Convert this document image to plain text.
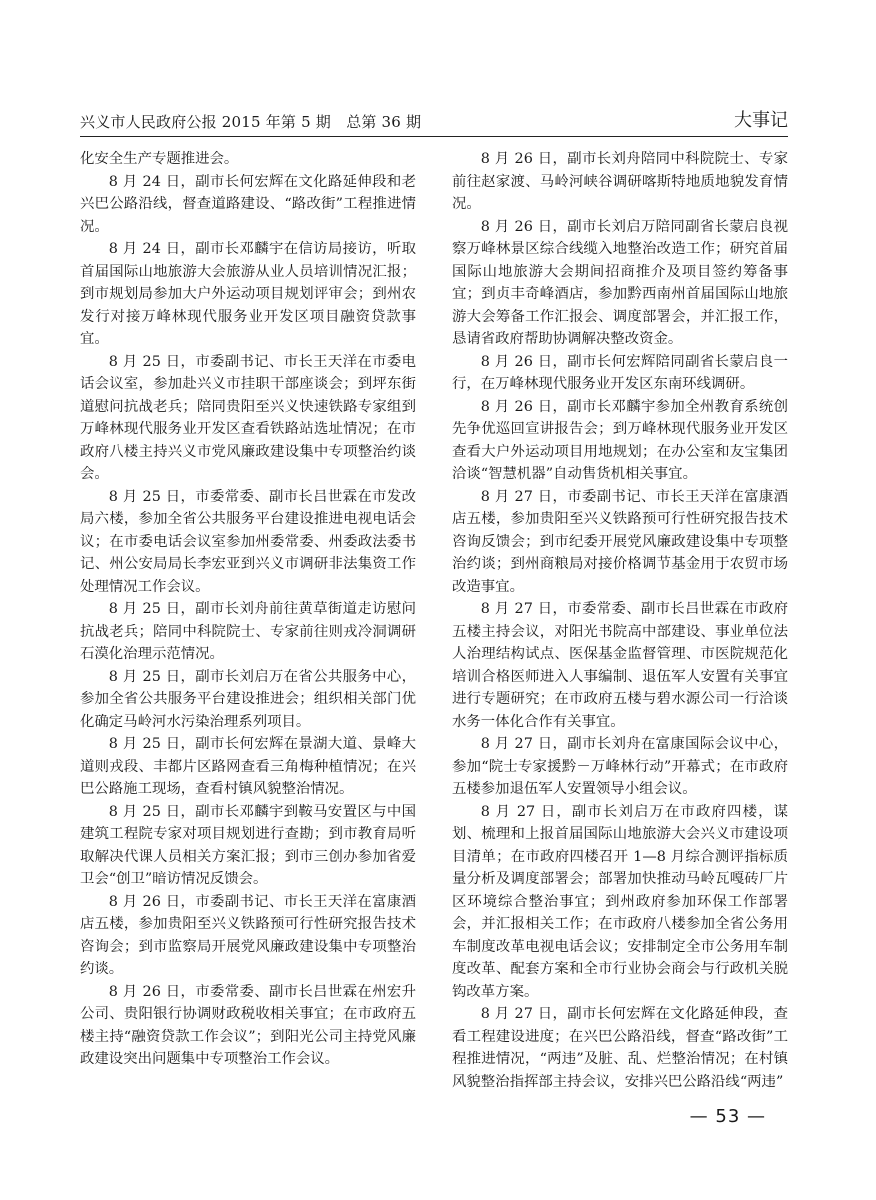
兴义市人民政府公报 2015 年第 5 期　总第 36 期	大事记

化安全生产专题推进会。

8 月 24 日，副市长何宏辉在文化路延伸段和老兴巴公路沿线，督查道路建设、“路改街”工程推进情况。

8 月 24 日，副市长邓麟宇在信访局接访，听取首届国际山地旅游大会旅游从业人员培训情况汇报；到市规划局参加大户外运动项目规划评审会；到州农发行对接万峰林现代服务业开发区项目融资贷款事宜。

8 月 25 日，市委副书记、市长王天洋在市委电话会议室，参加赴兴义市挂职干部座谈会；到坪东街道慰问抗战老兵；陪同贵阳至兴义快速铁路专家组到万峰林现代服务业开发区查看铁路站选址情况；在市政府八楼主持兴义市党风廉政建设集中专项整治约谈会。

8 月 25 日，市委常委、副市长吕世霖在市发改局六楼，参加全省公共服务平台建设推进电视电话会议；在市委电话会议室参加州委常委、州委政法委书记、州公安局局长李宏亚到兴义市调研非法集资工作处理情况工作会议。

8 月 25 日，副市长刘舟前往黄草街道走访慰问抗战老兵；陪同中科院院士、专家前往则戎冷洞调研石漠化治理示范情况。

8 月 25 日，副市长刘启万在省公共服务中心，参加全省公共服务平台建设推进会；组织相关部门优化确定马岭河水污染治理系列项目。

8 月 25 日，副市长何宏辉在景湖大道、景峰大道则戎段、丰都片区路网查看三角梅种植情况；在兴巴公路施工现场，查看村镇风貌整治情况。

8 月 25 日，副市长邓麟宇到鞍马安置区与中国建筑工程院专家对项目规划进行查勘；到市教育局听取解决代课人员相关方案汇报；到市三创办参加省爱卫会“创卫”暗访情况反馈会。

8 月 26 日，市委副书记、市长王天洋在富康酒店五楼，参加贵阳至兴义铁路预可行性研究报告技术咨询会；到市监察局开展党风廉政建设集中专项整治约谈。

8 月 26 日，市委常委、副市长吕世霖在州宏升公司、贵阳银行协调财政税收相关事宜；在市政府五楼主持“融资贷款工作会议”；到阳光公司主持党风廉政建设突出问题集中专项整治工作会议。

8 月 26 日，副市长刘舟陪同中科院院士、专家前往赵家渡、马岭河峡谷调研喀斯特地质地貌发育情况。

8 月 26 日，副市长刘启万陪同副省长蒙启良视察万峰林景区综合线缆入地整治改造工作；研究首届国际山地旅游大会期间招商推介及项目签约筹备事宜；到贞丰奇峰酒店，参加黔西南州首届国际山地旅游大会筹备工作汇报会、调度部署会，并汇报工作，恳请省政府帮助协调解决整改资金。

8 月 26 日，副市长何宏辉陪同副省长蒙启良一行，在万峰林现代服务业开发区东南环线调研。

8 月 26 日，副市长邓麟宇参加全州教育系统创先争优巡回宣讲报告会；到万峰林现代服务业开发区查看大户外运动项目用地规划；在办公室和友宝集团洽谈“智慧机器”自动售货机相关事宜。

8 月 27 日，市委副书记、市长王天洋在富康酒店五楼，参加贵阳至兴义铁路预可行性研究报告技术咨询反馈会；到市纪委开展党风廉政建设集中专项整治约谈；到州商粮局对接价格调节基金用于农贸市场改造事宜。

8 月 27 日，市委常委、副市长吕世霖在市政府五楼主持会议，对阳光书院高中部建设、事业单位法人治理结构试点、医保基金监督管理、市医院规范化培训合格医师进入人事编制、退伍军人安置有关事宜进行专题研究；在市政府五楼与碧水源公司一行洽谈水务一体化合作有关事宜。

8 月 27 日，副市长刘舟在富康国际会议中心，参加“院士专家援黔－万峰林行动”开幕式；在市政府五楼参加退伍军人安置领导小组会议。

8 月 27 日，副市长刘启万在市政府四楼，谋划、梳理和上报首届国际山地旅游大会兴义市建设项目清单；在市政府四楼召开 1—8 月综合测评指标质量分析及调度部署会；部署加快推动马岭瓦嘎砖厂片区环境综合整治事宜；到州政府参加环保工作部署会，并汇报相关工作；在市政府八楼参加全省公务用车制度改革电视电话会议；安排制定全市公务用车制度改革、配套方案和全市行业协会商会与行政机关脱钩改革方案。

8 月 27 日，副市长何宏辉在文化路延伸段，查看工程建设进度；在兴巴公路沿线，督查“路改街”工程推进情况，“两违”及脏、乱、烂整治情况；在村镇风貌整治指挥部主持会议，安排兴巴公路沿线“两违”

— 53 —
